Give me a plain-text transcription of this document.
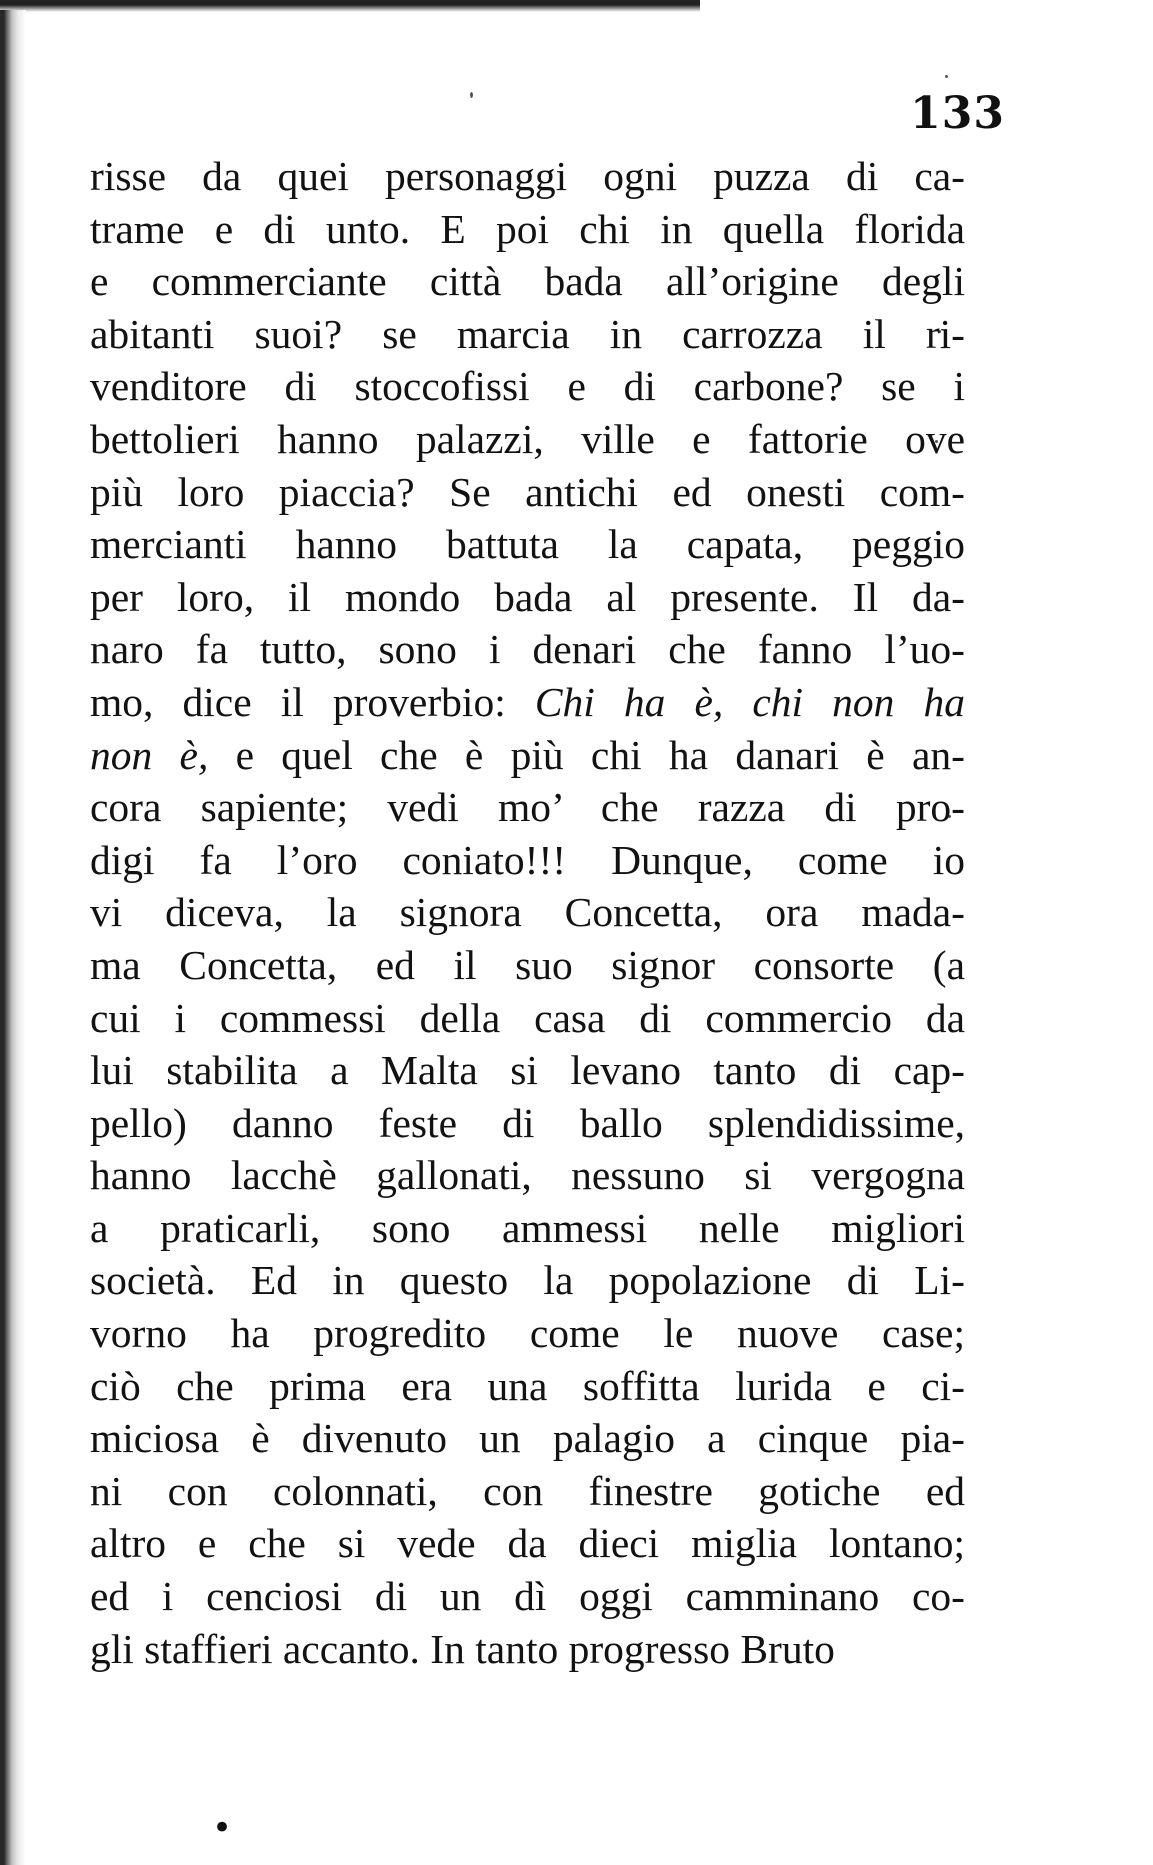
133
risse da quei personaggi ogni puzza di ca-
trame e di unto. E poi chi in quella florida
e commerciante città bada all’origine degli
abitanti suoi? se marcia in carrozza il ri-
venditore di stoccofissi e di carbone? se i
bettolieri hanno palazzi, ville e fattorie ove
più loro piaccia? Se antichi ed onesti com-
mercianti hanno battuta la capata, peggio
per loro, il mondo bada al presente. Il da-
naro fa tutto, sono i denari che fanno l’uo-
mo, dice il proverbio: Chi ha è, chi non ha
non è, e quel che è più chi ha danari è an-
cora sapiente; vedi mo’ che razza di pro-
digi fa l’oro coniato!!! Dunque, come io
vi diceva, la signora Concetta, ora mada-
ma Concetta, ed il suo signor consorte (a
cui i commessi della casa di commercio da
lui stabilita a Malta si levano tanto di cap-
pello) danno feste di ballo splendidissime,
hanno lacchè gallonati, nessuno si vergogna
a praticarli, sono ammessi nelle migliori
società. Ed in questo la popolazione di Li-
vorno ha progredito come le nuove case;
ciò che prima era una soffitta lurida e ci-
miciosa è divenuto un palagio a cinque pia-
ni con colonnati, con finestre gotiche ed
altro e che si vede da dieci miglia lontano;
ed i cenciosi di un dì oggi camminano co-
gli staffieri accanto. In tanto progresso Bruto
•
